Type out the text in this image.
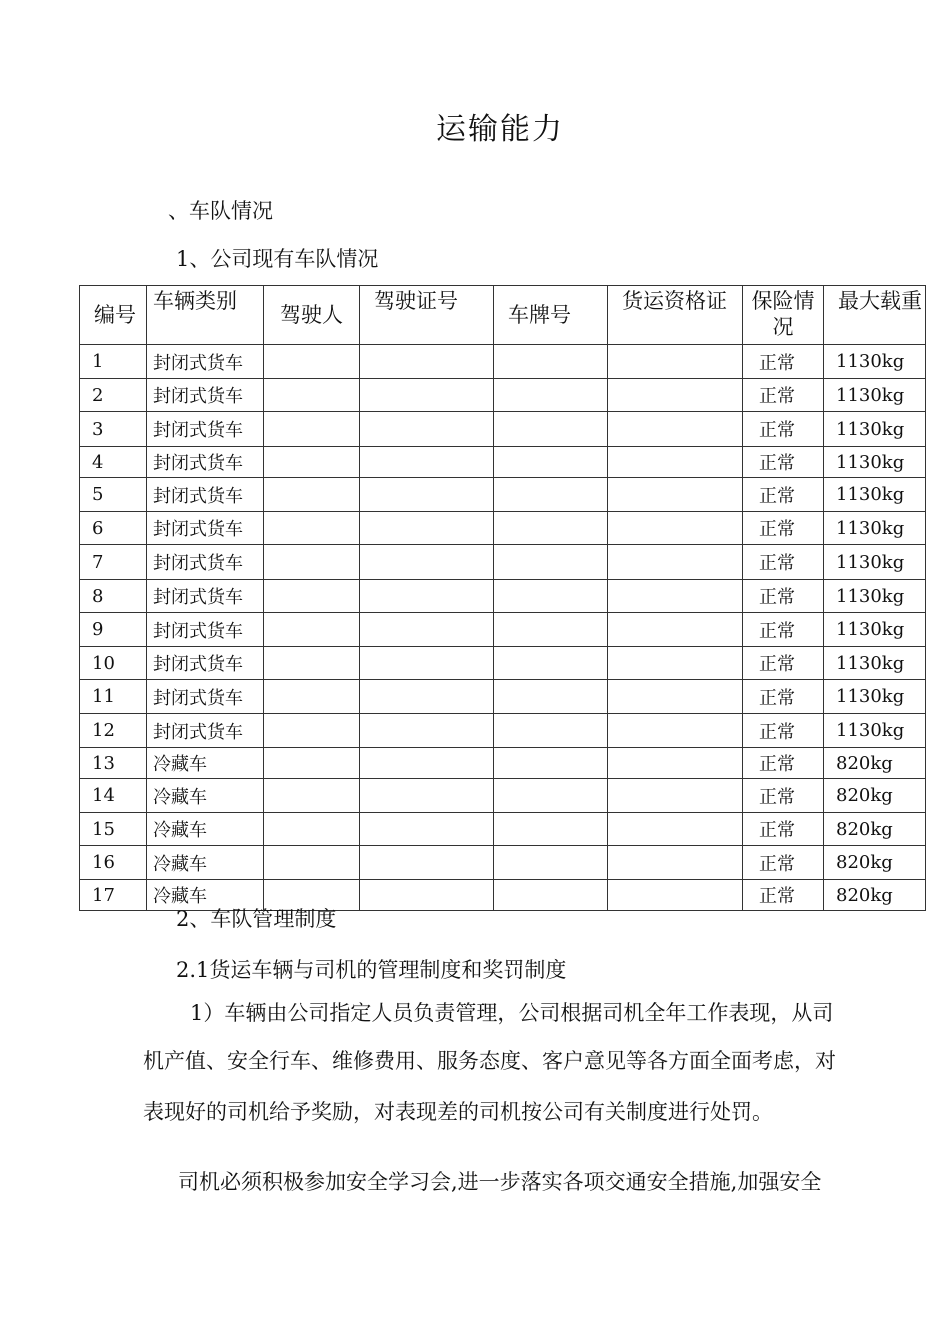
运输能力
、车队情况
1、公司现有车队情况
编号	车辆类别	驾驶人	驾驶证号	车牌号	货运资格证	保险情况	最大载重
1	封闭式货车					正常	1130kg
2	封闭式货车					正常	1130kg
3	封闭式货车					正常	1130kg
4	封闭式货车					正常	1130kg
5	封闭式货车					正常	1130kg
6	封闭式货车					正常	1130kg
7	封闭式货车					正常	1130kg
8	封闭式货车					正常	1130kg
9	封闭式货车					正常	1130kg
10	封闭式货车					正常	1130kg
11	封闭式货车					正常	1130kg
12	封闭式货车					正常	1130kg
13	冷藏车					正常	820kg
14	冷藏车					正常	820kg
15	冷藏车					正常	820kg
16	冷藏车					正常	820kg
17	冷藏车					正常	820kg
2、车队管理制度
2.1货运车辆与司机的管理制度和奖罚制度
1）车辆由公司指定人员负责管理，公司根据司机全年工作表现，从司
机产值、安全行车、维修费用、服务态度、客户意见等各方面全面考虑，对
表现好的司机给予奖励，对表现差的司机按公司有关制度进行处罚。
司机必须积极参加安全学习会,进一步落实各项交通安全措施,加强安全
